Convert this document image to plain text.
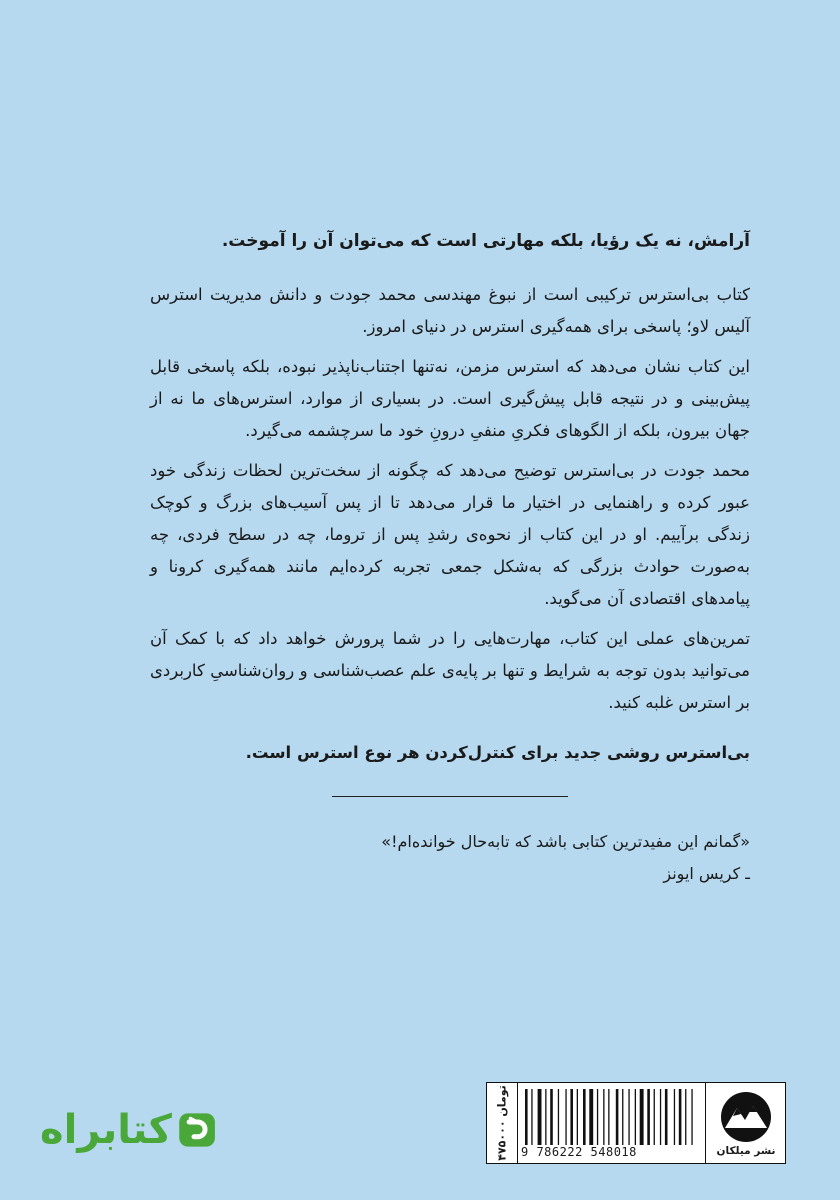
آرامش، نه یک رؤیا، بلکه مهارتی است که می‌توان آن را آموخت.

کتاب بی‌استرس ترکیبی است از نبوغ مهندسی محمد جودت و دانش مدیریت استرس آلیس لاو؛ پاسخی برای همه‌گیری استرس در دنیای امروز.

این کتاب نشان می‌دهد که استرس مزمن، نه‌تنها اجتناب‌ناپذیر نبوده، بلکه پاسخی قابل پیش‌بینی و در نتیجه قابل پیش‌گیری است. در بسیاری از موارد، استرس‌های ما نه از جهان بیرون، بلکه از الگوهای فکریِ منفیِ درونِ خود ما سرچشمه می‌گیرد.

محمد جودت در بی‌استرس توضیح می‌دهد که چگونه از سخت‌ترین لحظات زندگی خود عبور کرده و راهنمایی در اختیار ما قرار می‌دهد تا از پس آسیب‌های بزرگ و کوچک زندگی برآییم. او در این کتاب از نحوه‌ی رشدِ پس از تروما، چه در سطح فردی، چه به‌صورت حوادث بزرگی که به‌شکل جمعی تجربه کرده‌ایم مانند همه‌گیری کرونا و پیامدهای اقتصادی آن می‌گوید.

تمرین‌های عملی این کتاب، مهارت‌هایی را در شما پرورش خواهد داد که با کمک آن می‌توانید بدون توجه به شرایط و تنها بر پایه‌ی علم عصب‌شناسی و روان‌شناسیِ کاربردی بر استرس غلبه کنید.

بی‌استرس روشی جدید برای کنترل‌کردن هر نوع استرس است.

«گمانم این مفیدترین کتابی باشد که تابه‌حال خوانده‌ام!»
ـ کریس ایونز
کتابراه	۴۷۵۰۰۰ تومان
9 786222 548018	نشر میلکان
